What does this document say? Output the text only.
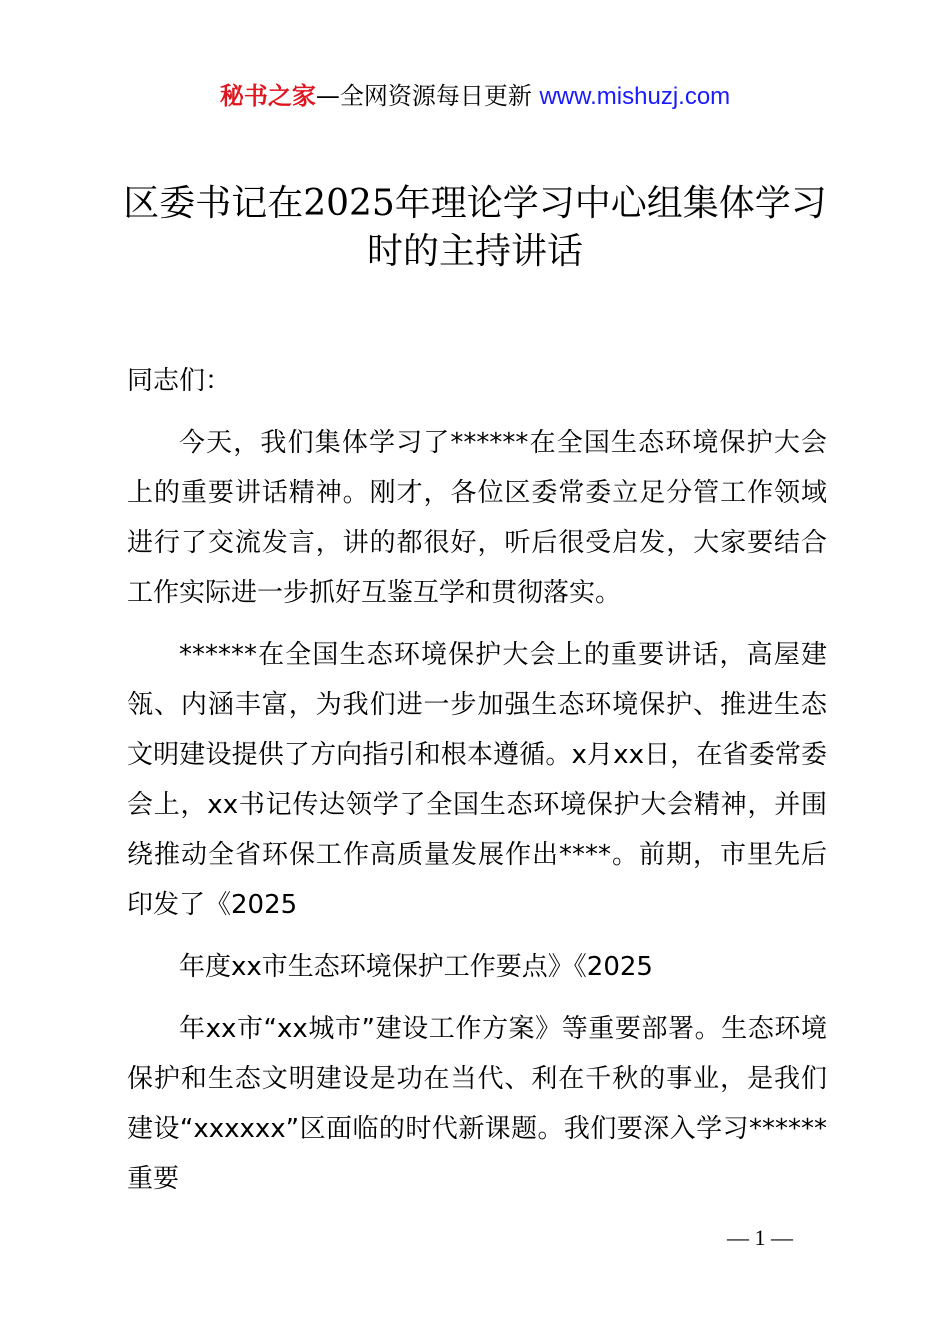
秘书之家—全网资源每日更新 www.mishuzj.com
区委书记在2025年理论学习中心组集体学习
时的主持讲话

同志们：

今天，我们集体学习了******在全国生态环境保护大会上的重要讲话精神。刚才，各位区委常委立足分管工作领域进行了交流发言，讲的都很好，听后很受启发，大家要结合工作实际进一步抓好互鉴互学和贯彻落实。

******在全国生态环境保护大会上的重要讲话，高屋建瓴、内涵丰富，为我们进一步加强生态环境保护、推进生态文明建设提供了方向指引和根本遵循。x月xx日，在省委常委会上，xx书记传达领学了全国生态环境保护大会精神，并围绕推动全省环保工作高质量发展作出****。前期，市里先后印发了《2025

年度xx市生态环境保护工作要点》《2025

年xx市“xx城市”建设工作方案》等重要部署。生态环境保护和生态文明建设是功在当代、利在千秋的事业，是我们建设“xxxxxx”区面临的时代新课题。我们要深入学习******重要

— 1 —
